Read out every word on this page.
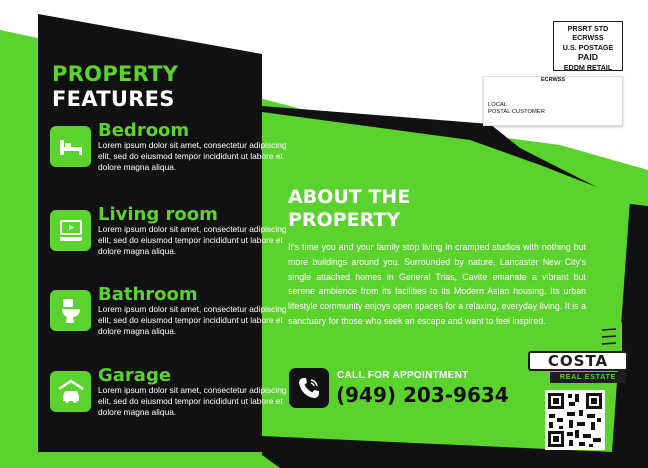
PROPERTY
FEATURES
Bedroom
Lorem ipsum dolor sit amet, consectetur adipiscing elit, sed do eiusmod tempor incididunt ut labore et dolore magna aliqua.
Living room
Lorem ipsum dolor sit amet, consectetur adipiscing elit, sed do eiusmod tempor incididunt ut labore et dolore magna aliqua.
Bathroom
Lorem ipsum dolor sit amet, consectetur adipiscing elit, sed do eiusmod tempor incididunt ut labore et dolore magna aliqua.
Garage
Lorem ipsum dolor sit amet, consectetur adipiscing elit, sed do eiusmod tempor incididunt ut labore et dolore magna aliqua.
ABOUT THE
PROPERTY
It's time you and your family stop living in cramped studios with nothing but more buildings around you. Surrounded by nature, Lancaster New City's single attached homes in General Trias, Cavite emanate a vibrant but serene ambience from its facilities to its Modern Asian housing. Its urban lifestyle community enjoys open spaces for a relaxing, everyday living. It is a sanctuary for those who seek an escape and want to feel inspired.
CALL FOR APPOINTMENT
(949) 203-9634
PRSRT STD
ECRWSS
U.S. POSTAGE
PAID
EDDM RETAIL
ECRWSS
LOCAL
POSTAL CUSTOMER
COSTA
REAL ESTATE
